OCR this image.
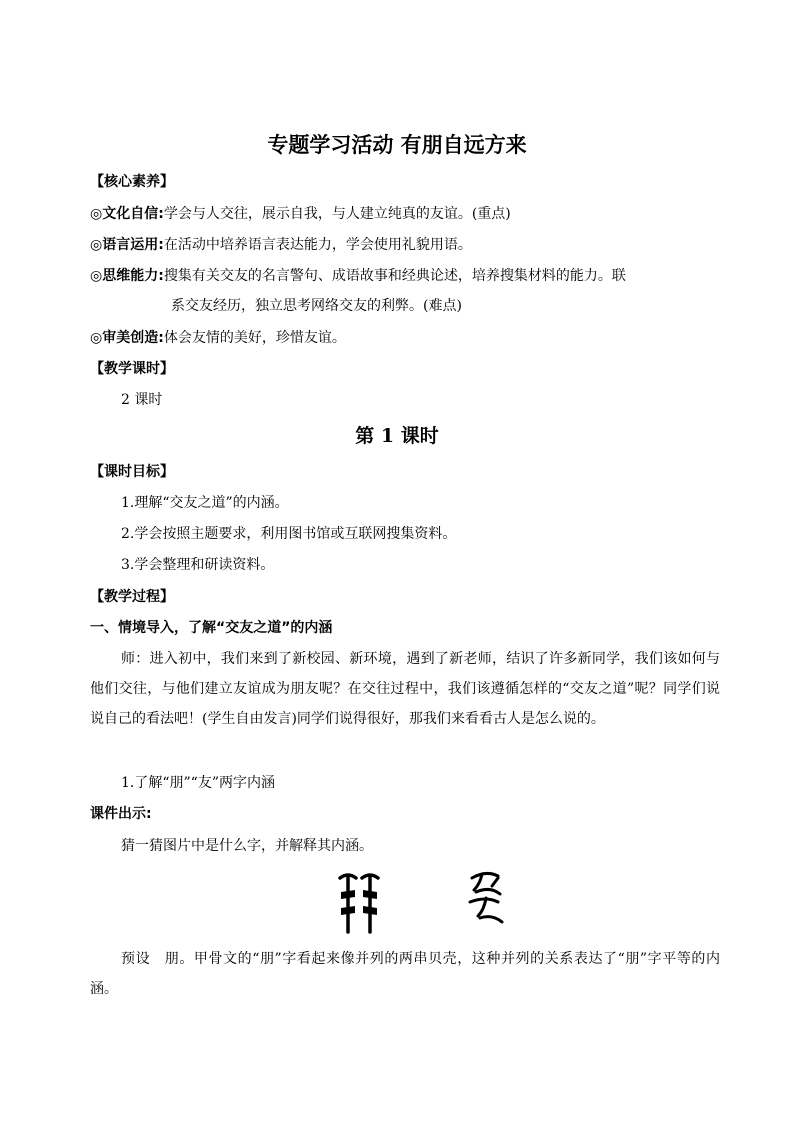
专题学习活动 有朋自远方来
【核心素养】
◎文化自信:学会与人交往，展示自我，与人建立纯真的友谊。(重点)
◎语言运用:在活动中培养语言表达能力，学会使用礼貌用语。
◎思维能力:搜集有关交友的名言警句、成语故事和经典论述，培养搜集材料的能力。联
系交友经历，独立思考网络交友的利弊。(难点)
◎审美创造:体会友情的美好，珍惜友谊。
【教学课时】
2 课时
第 1 课时
【课时目标】
1.理解“交友之道”的内涵。
2.学会按照主题要求，利用图书馆或互联网搜集资料。
3.学会整理和研读资料。
【教学过程】
一、情境导入，了解“交友之道”的内涵
师：进入初中，我们来到了新校园、新环境，遇到了新老师，结识了许多新同学，我们该如何与他们交往，与他们建立友谊成为朋友呢？在交往过程中，我们该遵循怎样的“交友之道”呢？同学们说说自己的看法吧！(学生自由发言)同学们说得很好，那我们来看看古人是怎么说的。
1.了解“朋”“友”两字内涵
课件出示:
猜一猜图片中是什么字，并解释其内涵。
预设　朋。甲骨文的“朋”字看起来像并列的两串贝壳，这种并列的关系表达了“朋”字平等的内涵。
